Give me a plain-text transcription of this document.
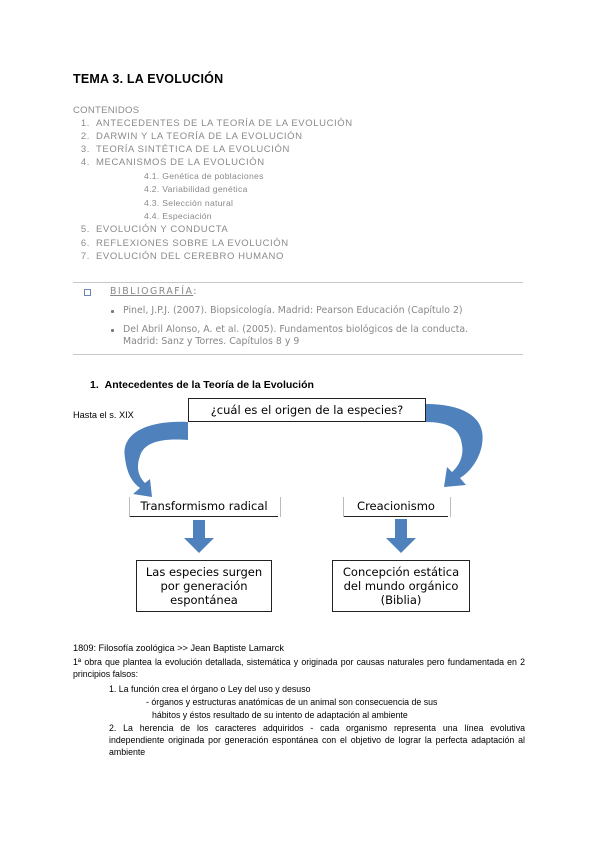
TEMA 3. LA EVOLUCIÓN
CONTENIDOS
1. ANTECEDENTES DE LA TEORÍA DE LA EVOLUCIÓN
2. DARWIN Y LA TEORÍA DE LA EVOLUCIÓN
3. TEORÍA SINTÉTICA DE LA EVOLUCIÓN
4. MECANISMOS DE LA EVOLUCIÓN
4.1. Genética de poblaciones
4.2. Variabilidad genética
4.3. Selección natural
4.4. Especiación
5. EVOLUCIÓN Y CONDUCTA
6. REFLEXIONES SOBRE LA EVOLUCIÓN
7. EVOLUCIÓN DEL CEREBRO HUMANO
BIBLIOGRAFÍA:
Pinel, J.P.J. (2007). Biopsicología. Madrid: Pearson Educación (Capítulo 2)
Del Abril Alonso, A. et al. (2005). Fundamentos biológicos de la conducta.
Madrid: Sanz y Torres. Capítulos 8 y 9
1. Antecedentes de la Teoría de la Evolución
Hasta el s. XIX	¿cuál es el origen de la especies?
Transformismo radical	Creacionismo
Las especies surgen
por generación
espontánea
Concepción estática
del mundo orgánico
(Biblia)
1809: Filosofía zoológica >> Jean Baptiste Lamarck
1ª obra que plantea la evolución detallada, sistemática y originada por causas naturales pero fundamentada en 2 principios falsos:
1. La función crea el órgano o Ley del uso y desuso
- órganos y estructuras anatómicas de un animal son consecuencia de sus
hábitos y éstos resultado de su intento de adaptación al ambiente
2. La herencia de los caracteres adquiridos - cada organismo representa una línea evolutiva independiente originada por generación espontánea con el objetivo de lograr la perfecta adaptación al ambiente
